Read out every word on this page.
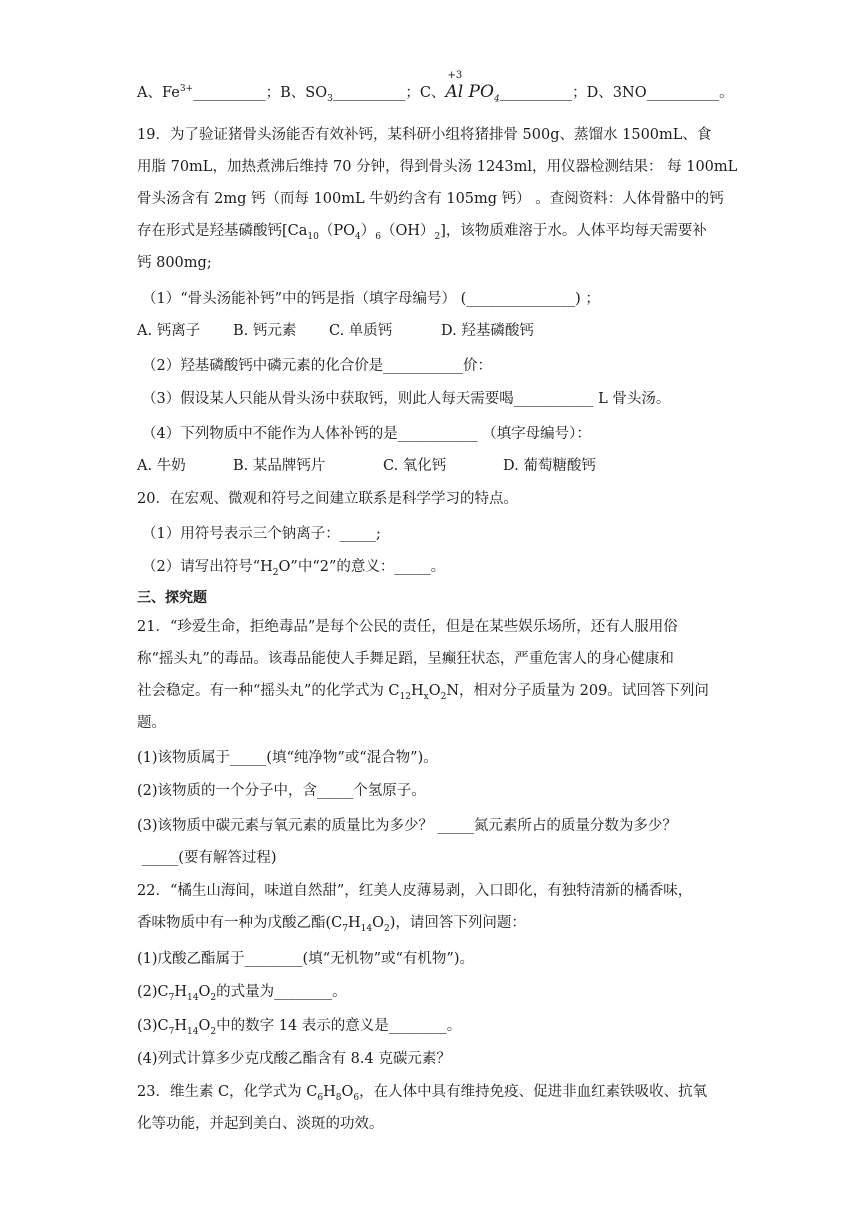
A、$Fe^{3+}\_\_\_\_\_\_\_\_\_\_$；B、$SO_3\_\_\_\_\_\_\_\_\_\_$；C、
+3
Al $PO_4\_\_\_\_\_\_\_\_\_\_$；D、3NO__________。
19．为了验证猪骨头汤能否有效补钙，某科研小组将猪排骨 500g、蒸馏水 1500mL、食
用脂 70mL，加热煮沸后维持 70 分钟，得到骨头汤 1243ml，用仪器检测结果： 每 100mL
骨头汤含有 2mg 钙（而每 100mL 牛奶约含有 105mg 钙） 。查阅资料：人体骨骼中的钙
存在形式是羟基磷酸钙$[Ca_{10}(PO_4)_6(OH)_2]$，该物质难溶于水。人体平均每天需要补
钙 800mg;
（1）“骨头汤能补钙”中的钙是指（填字母编号） (_______________) ；
A. 钙离子 B. 钙元素 C. 单质钙	D. 羟基磷酸钙
（2）羟基磷酸钙中磷元素的化合价是___________价：
（3）假设某人只能从骨头汤中获取钙，则此人每天需要喝___________ L 骨头汤。
（4）下列物质中不能作为人体补钙的是___________ （填字母编号）：
A. 牛奶	B. 某品牌钙片	C. 氧化钙	D. 葡萄糖酸钙
20．在宏观、微观和符号之间建立联系是科学学习的特点。
（1）用符号表示三个钠离子：_____;
（2）请写出符号“$H_2O$”中“2”的意义：_____。
三、探究题
21．“珍爱生命，拒绝毒品”是每个公民的责任，但是在某些娱乐场所，还有人服用俗
称“摇头丸”的毒品。该毒品能使人手舞足蹈，呈癫狂状态，严重危害人的身心健康和
社会稳定。有一种“摇头丸”的化学式为 $C_{12}H_xO_2N$，相对分子质量为 209。试回答下列问
题。
(1)该物质属于_____(填“纯净物”或“混合物”)。
(2)该物质的一个分子中，含_____个氢原子。
(3)该物质中碳元素与氧元素的质量比为多少？ _____氮元素所占的质量分数为多少？
_____(要有解答过程)
22．“橘生山海间，味道自然甜”，红美人皮薄易剥，入口即化，有独特清新的橘香味，
香味物质中有一种为戊酸乙酯$(C_7H_{14}O_2)$，请回答下列问题：
(1)戊酸乙酯属于________(填“无机物”或“有机物”)。
$(2)C_7H_{14}O_2$的式量为________。
$(3)C_7H_{14}O_2$中的数字 14 表示的意义是________。
(4)列式计算多少克戊酸乙酯含有 8.4 克碳元素？
23．维生素 C，化学式为 $C_6H_8O_6$，在人体中具有维持免疫、促进非血红素铁吸收、抗氧
化等功能，并起到美白、淡斑的功效。
